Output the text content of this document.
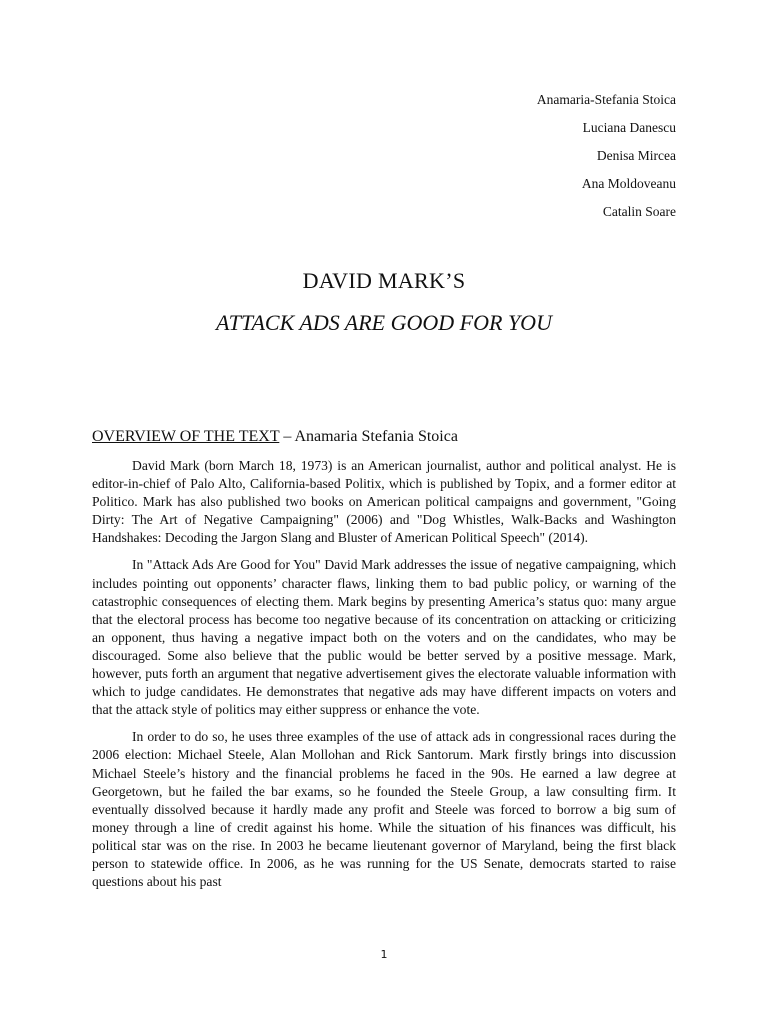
Anamaria-Stefania Stoica
Luciana Danescu
Denisa Mircea
Ana Moldoveanu
Catalin Soare
DAVID MARK’S
ATTACK ADS ARE GOOD FOR YOU
OVERVIEW OF THE TEXT – Anamaria Stefania Stoica

David Mark (born March 18, 1973) is an American journalist, author and political analyst. He is editor-in-chief of Palo Alto, California-based Politix, which is published by Topix, and a former editor at Politico. Mark has also published two books on American political campaigns and government, "Going Dirty: The Art of Negative Campaigning" (2006) and "Dog Whistles, Walk-Backs and Washington Handshakes: Decoding the Jargon Slang and Bluster of American Political Speech" (2014).

In "Attack Ads Are Good for You" David Mark addresses the issue of negative campaigning, which includes pointing out opponents’ character flaws, linking them to bad public policy, or warning of the catastrophic consequences of electing them. Mark begins by presenting America’s status quo: many argue that the electoral process has become too negative because of its concentration on attacking or criticizing an opponent, thus having a negative impact both on the voters and on the candidates, who may be discouraged. Some also believe that the public would be better served by a positive message. Mark, however, puts forth an argument that negative advertisement gives the electorate valuable information with which to judge candidates. He demonstrates that negative ads may have different impacts on voters and that the attack style of politics may either suppress or enhance the vote.

In order to do so, he uses three examples of the use of attack ads in congressional races during the 2006 election: Michael Steele, Alan Mollohan and Rick Santorum. Mark firstly brings into discussion Michael Steele’s history and the financial problems he faced in the 90s. He earned a law degree at Georgetown, but he failed the bar exams, so he founded the Steele Group, a law consulting firm. It eventually dissolved because it hardly made any profit and Steele was forced to borrow a big sum of money through a line of credit against his home. While the situation of his finances was difficult, his political star was on the rise. In 2003 he became lieutenant governor of Maryland, being the first black person to statewide office. In 2006, as he was running for the US Senate, democrats started to raise questions about his past

1
